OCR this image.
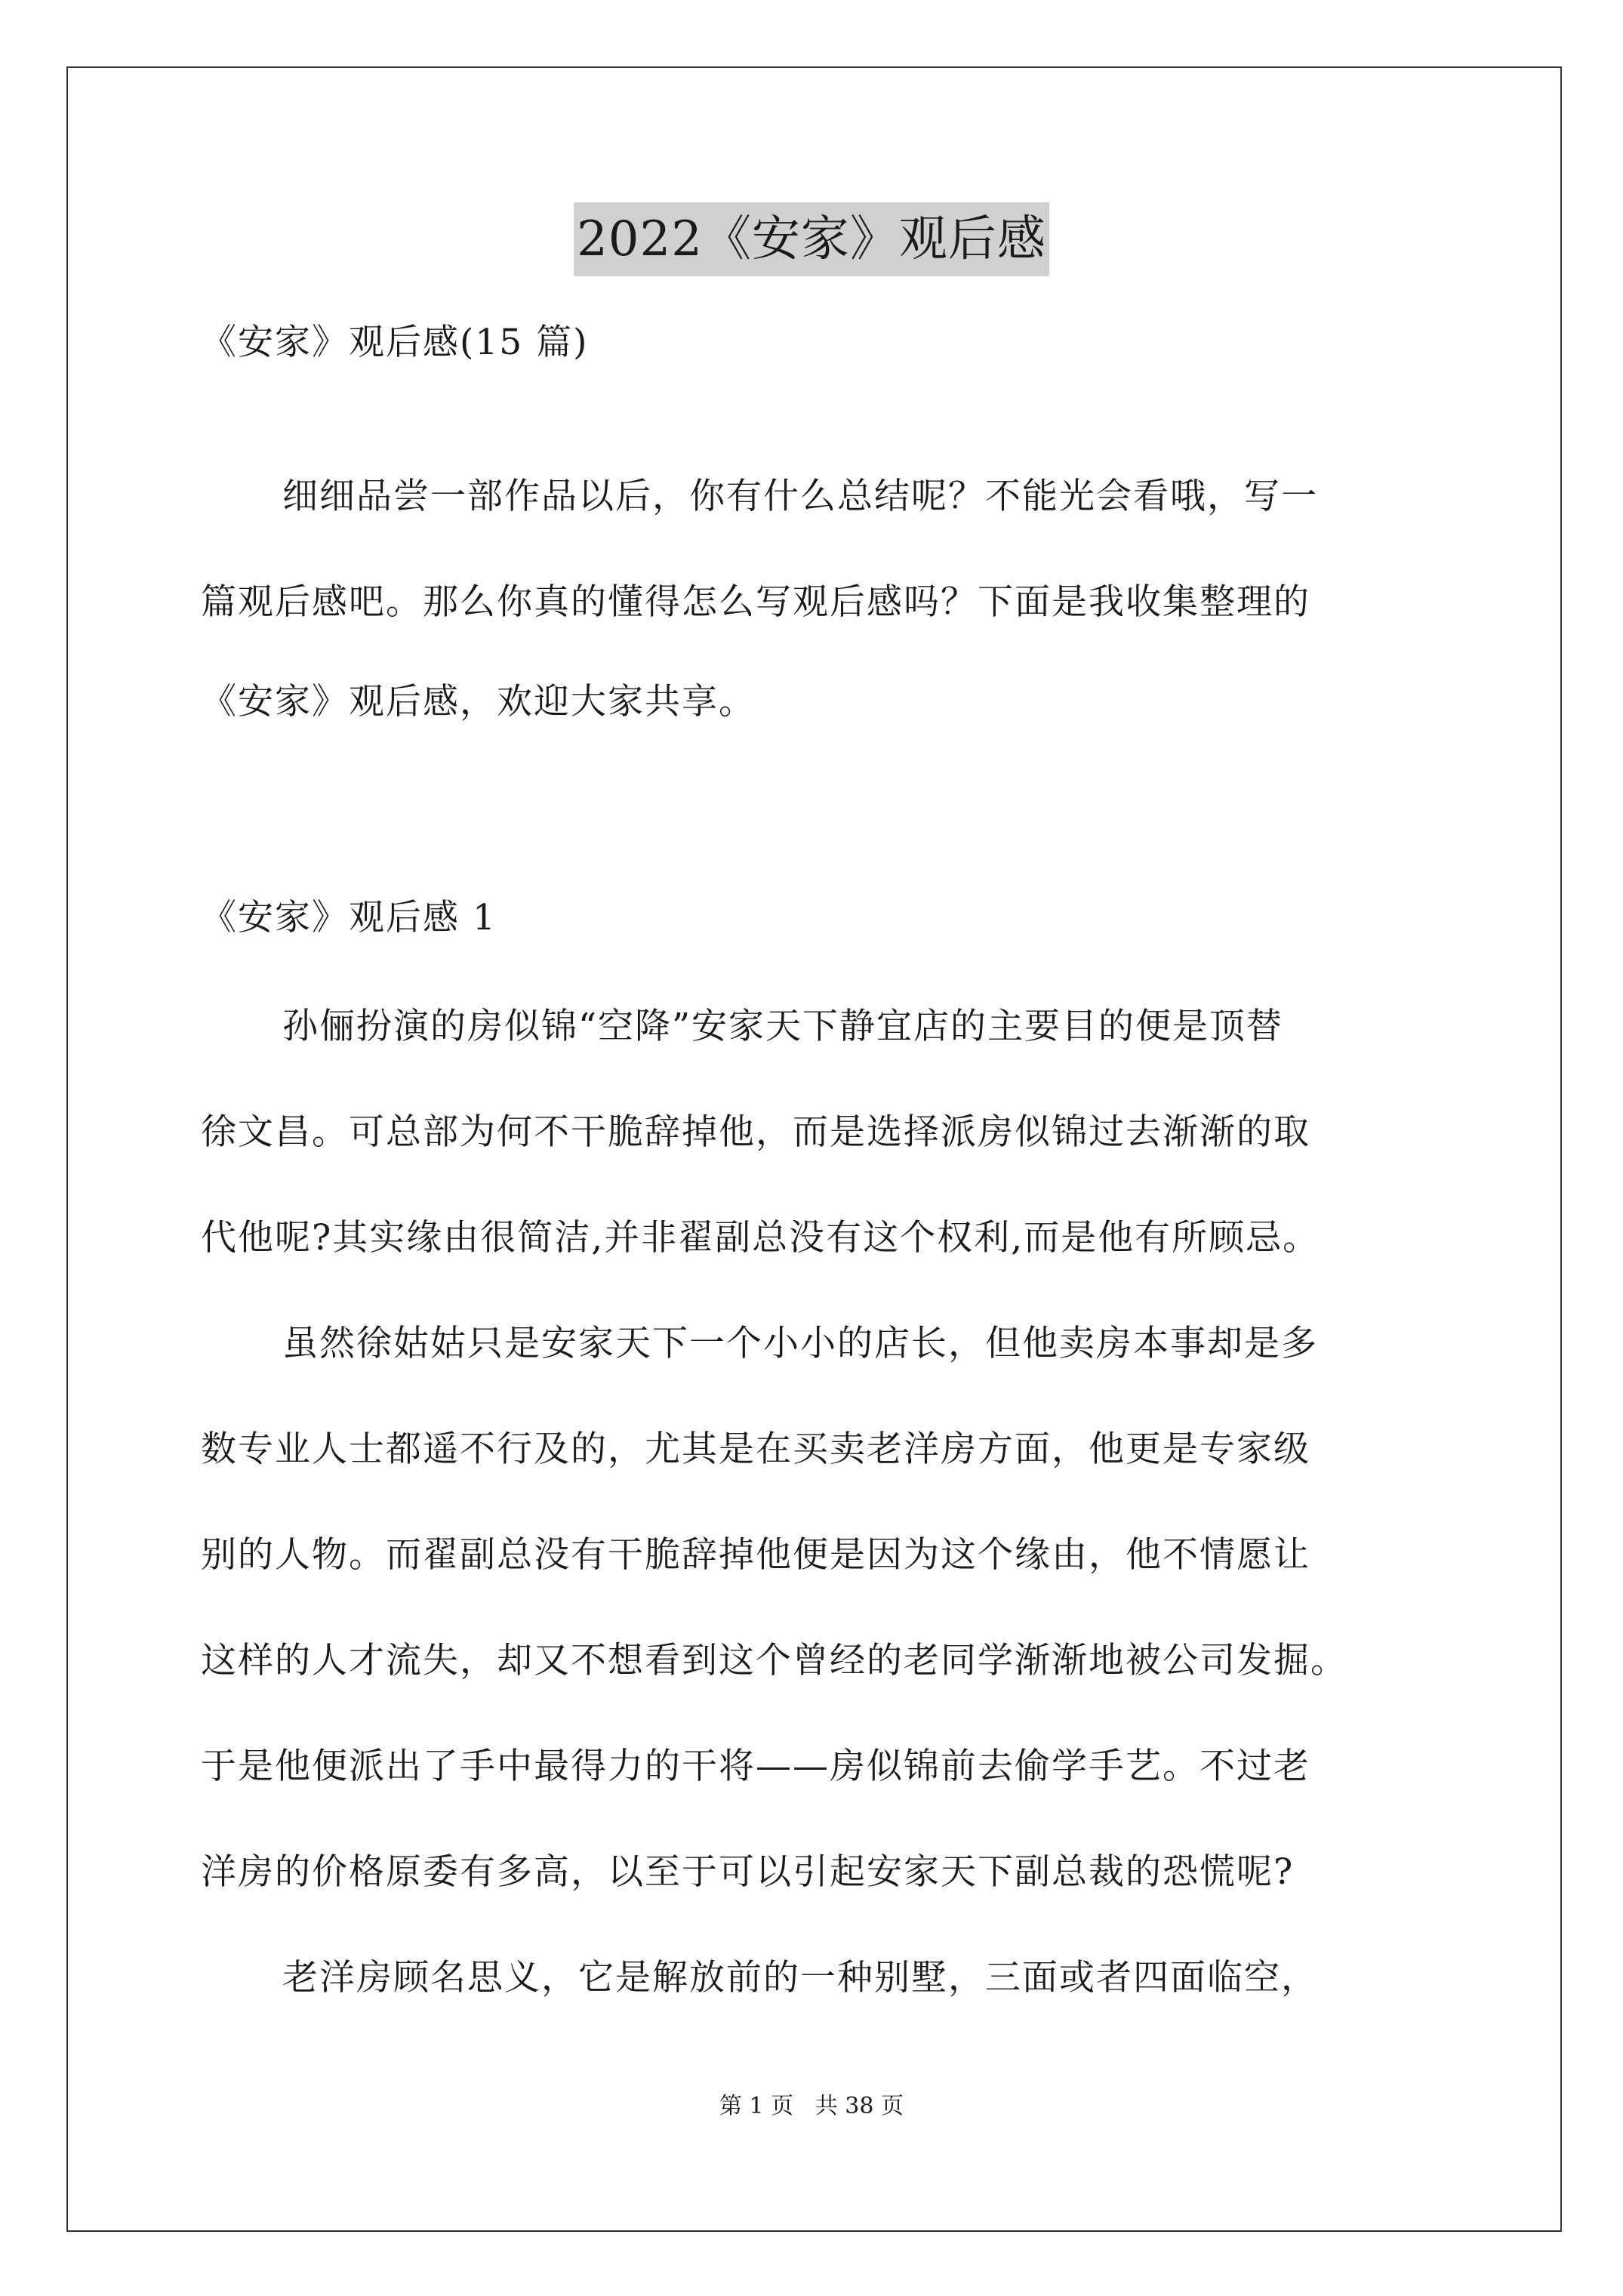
2022《安家》观后感
《安家》观后感(15 篇)
细细品尝一部作品以后，你有什么总结呢？不能光会看哦，写一
篇观后感吧。那么你真的懂得怎么写观后感吗？下面是我收集整理的
《安家》观后感，欢迎大家共享。
《安家》观后感 1
孙俪扮演的房似锦“空降”安家天下静宜店的主要目的便是顶替
徐文昌。可总部为何不干脆辞掉他，而是选择派房似锦过去渐渐的取
代他呢?其实缘由很简洁,并非翟副总没有这个权利,而是他有所顾忌。
虽然徐姑姑只是安家天下一个小小的店长，但他卖房本事却是多
数专业人士都遥不行及的，尤其是在买卖老洋房方面，他更是专家级
别的人物。而翟副总没有干脆辞掉他便是因为这个缘由，他不情愿让
这样的人才流失，却又不想看到这个曾经的老同学渐渐地被公司发掘。
于是他便派出了手中最得力的干将——房似锦前去偷学手艺。不过老
洋房的价格原委有多高，以至于可以引起安家天下副总裁的恐慌呢?
老洋房顾名思义，它是解放前的一种别墅，三面或者四面临空，
第 1 页 共 38 页
